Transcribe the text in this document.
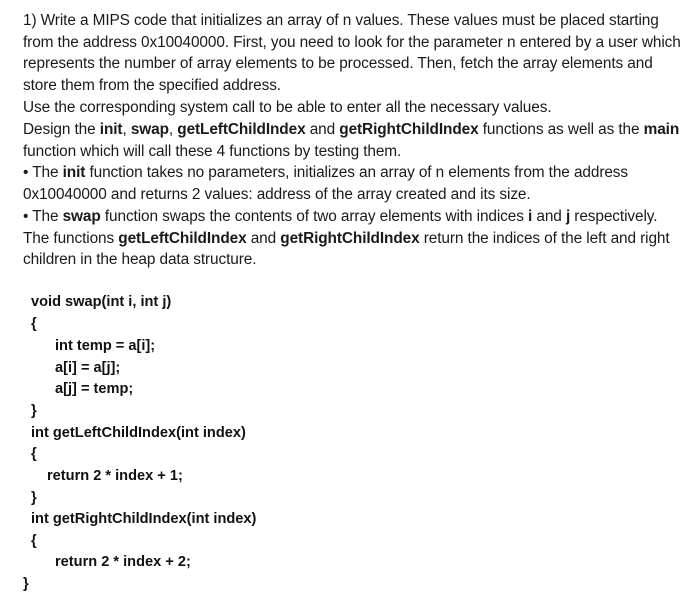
1) Write a MIPS code that initializes an array of n values. These values must be placed starting from the address 0x10040000. First, you need to look for the parameter n entered by a user which represents the number of array elements to be processed. Then, fetch the array elements and store them from the specified address.
Use the corresponding system call to be able to enter all the necessary values.
Design the init, swap, getLeftChildIndex and getRightChildIndex functions as well as the main function which will call these 4 functions by testing them.
• The init function takes no parameters, initializes an array of n elements from the address 0x10040000 and returns 2 values: address of the array created and its size.
• The swap function swaps the contents of two array elements with indices i and j respectively. The functions getLeftChildIndex and getRightChildIndex return the indices of the left and right children in the heap data structure.
void swap(int i, int j)
{
int temp = a[i];
a[i] = a[j];
a[j] = temp;
}
int getLeftChildIndex(int index)
{
return 2 * index + 1;
}
int getRightChildIndex(int index)
{
return 2 * index + 2;
}
